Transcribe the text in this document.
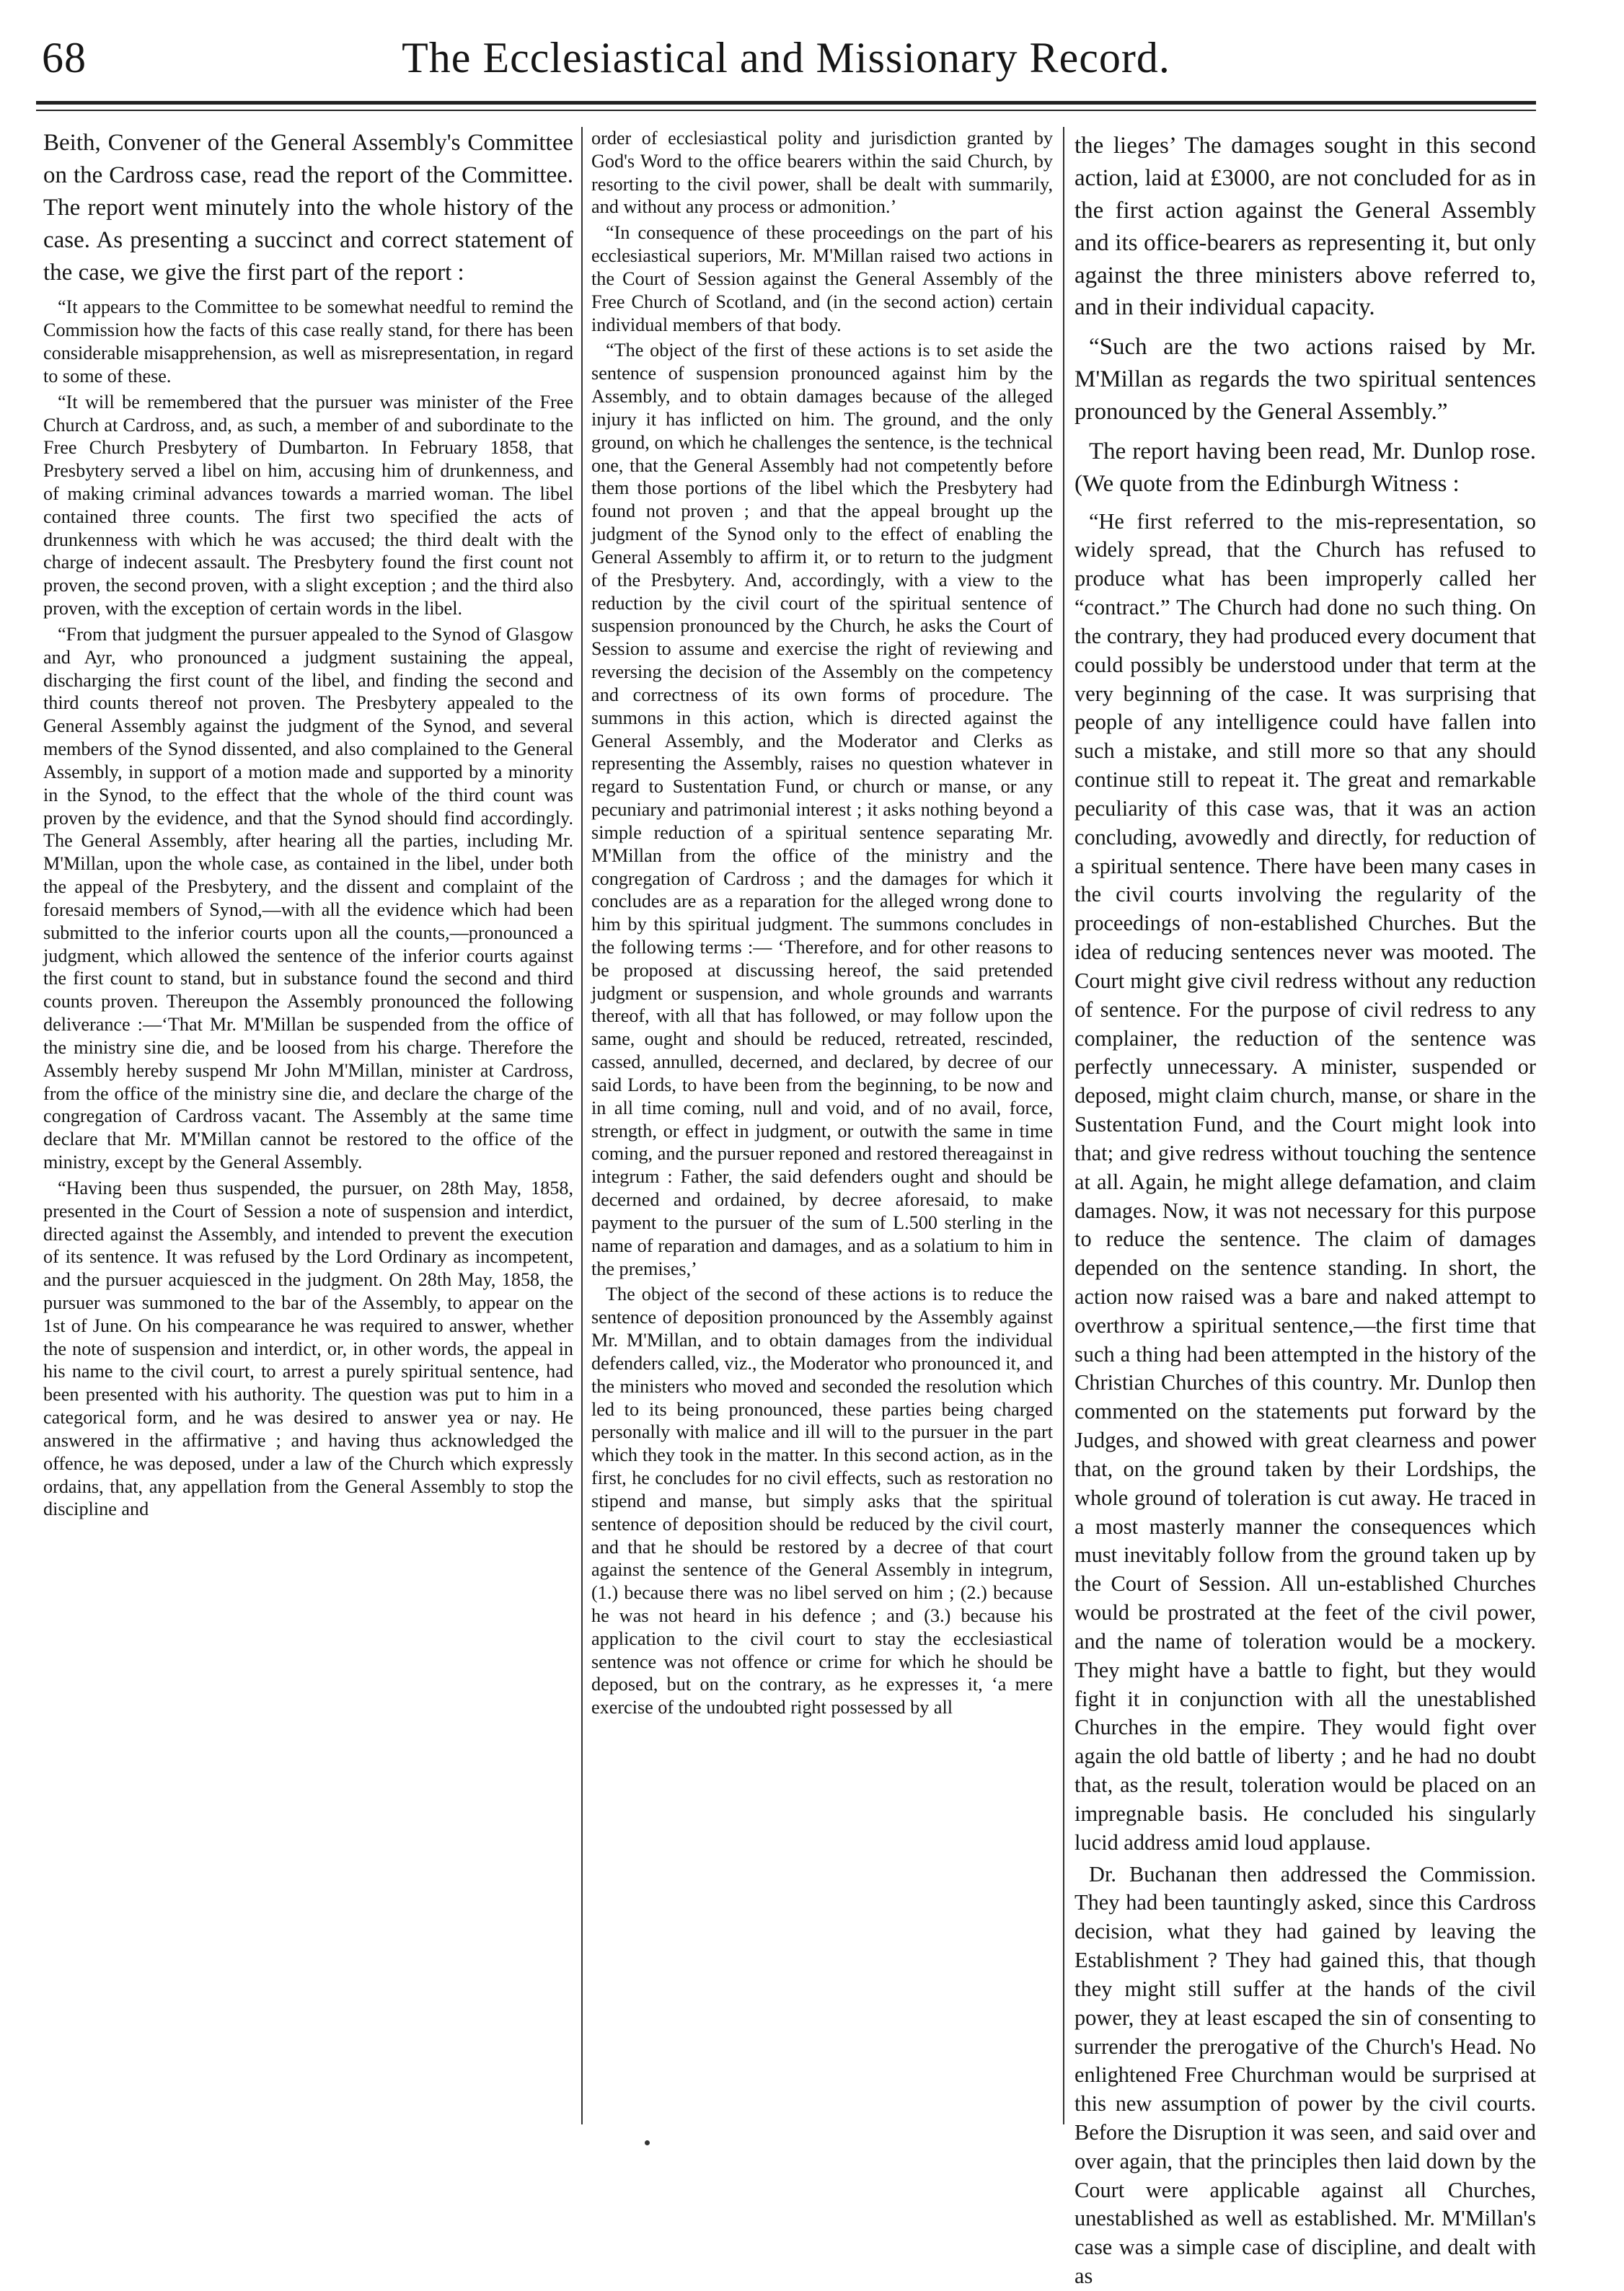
68	The Ecclesiastical and Missionary Record.

Beith, Convener of the General Assembly's Committee on the Cardross case, read the report of the Committee. The report went minutely into the whole history of the case. As presenting a succinct and correct statement of the case, we give the first part of the report :

“It appears to the Committee to be somewhat needful to remind the Commission how the facts of this case really stand, for there has been considerable misapprehension, as well as misrepresentation, in regard to some of these.

“It will be remembered that the pursuer was minister of the Free Church at Cardross, and, as such, a member of and subordinate to the Free Church Presbytery of Dumbarton. In February 1858, that Presbytery served a libel on him, accusing him of drunkenness, and of making criminal advances towards a married woman. The libel contained three counts. The first two specified the acts of drunkenness with which he was accused; the third dealt with the charge of indecent assault. The Presbytery found the first count not proven, the second proven, with a slight exception ; and the third also proven, with the exception of certain words in the libel.

“From that judgment the pursuer appealed to the Synod of Glasgow and Ayr, who pronounced a judgment sustaining the appeal, discharging the first count of the libel, and finding the second and third counts thereof not proven. The Presbytery appealed to the General Assembly against the judgment of the Synod, and several members of the Synod dissented, and also complained to the General Assembly, in support of a motion made and supported by a minority in the Synod, to the effect that the whole of the third count was proven by the evidence, and that the Synod should find accordingly. The General Assembly, after hearing all the parties, including Mr. M'Millan, upon the whole case, as contained in the libel, under both the appeal of the Presbytery, and the dissent and complaint of the foresaid members of Synod,—with all the evidence which had been submitted to the inferior courts upon all the counts,—pronounced a judgment, which allowed the sentence of the inferior courts against the first count to stand, but in substance found the second and third counts proven. Thereupon the Assembly pronounced the following deliverance :—‘That Mr. M'Millan be suspended from the office of the ministry sine die, and be loosed from his charge. Therefore the Assembly hereby suspend Mr John M'Millan, minister at Cardross, from the office of the ministry sine die, and declare the charge of the congregation of Cardross vacant. The Assembly at the same time declare that Mr. M'Millan cannot be restored to the office of the ministry, except by the General Assembly.

“Having been thus suspended, the pursuer, on 28th May, 1858, presented in the Court of Session a note of suspension and interdict, directed against the Assembly, and intended to prevent the execution of its sentence. It was refused by the Lord Ordinary as incompetent, and the pursuer acquiesced in the judgment. On 28th May, 1858, the pursuer was summoned to the bar of the Assembly, to appear on the 1st of June. On his compearance he was required to answer, whether the note of suspension and interdict, or, in other words, the appeal in his name to the civil court, to arrest a purely spiritual sentence, had been presented with his authority. The question was put to him in a categorical form, and he was desired to answer yea or nay. He answered in the affirmative ; and having thus acknowledged the offence, he was deposed, under a law of the Church which expressly ordains, that, any appellation from the General Assembly to stop the discipline and

order of ecclesiastical polity and jurisdiction granted by God's Word to the office bearers within the said Church, by resorting to the civil power, shall be dealt with summarily, and without any process or admonition.’

“In consequence of these proceedings on the part of his ecclesiastical superiors, Mr. M'Millan raised two actions in the Court of Session against the General Assembly of the Free Church of Scotland, and (in the second action) certain individual members of that body.

“The object of the first of these actions is to set aside the sentence of suspension pronounced against him by the Assembly, and to obtain damages because of the alleged injury it has inflicted on him. The ground, and the only ground, on which he challenges the sentence, is the technical one, that the General Assembly had not competently before them those portions of the libel which the Presbytery had found not proven ; and that the appeal brought up the judgment of the Synod only to the effect of enabling the General Assembly to affirm it, or to return to the judgment of the Presbytery. And, accordingly, with a view to the reduction by the civil court of the spiritual sentence of suspension pronounced by the Church, he asks the Court of Session to assume and exercise the right of reviewing and reversing the decision of the Assembly on the competency and correctness of its own forms of procedure. The summons in this action, which is directed against the General Assembly, and the Moderator and Clerks as representing the Assembly, raises no question whatever in regard to Sustentation Fund, or church or manse, or any pecuniary and patrimonial interest ; it asks nothing beyond a simple reduction of a spiritual sentence separating Mr. M'Millan from the office of the ministry and the congregation of Cardross ; and the damages for which it concludes are as a reparation for the alleged wrong done to him by this spiritual judgment. The summons concludes in the following terms :— ‘Therefore, and for other reasons to be proposed at discussing hereof, the said pretended judgment or suspension, and whole grounds and warrants thereof, with all that has followed, or may follow upon the same, ought and should be reduced, retreated, rescinded, cassed, annulled, decerned, and declared, by decree of our said Lords, to have been from the beginning, to be now and in all time coming, null and void, and of no avail, force, strength, or effect in judgment, or outwith the same in time coming, and the pursuer reponed and restored thereagainst in integrum : Father, the said defenders ought and should be decerned and ordained, by decree aforesaid, to make payment to the pursuer of the sum of L.500 sterling in the name of reparation and damages, and as a solatium to him in the premises,’

The object of the second of these actions is to reduce the sentence of deposition pronounced by the Assembly against Mr. M'Millan, and to obtain damages from the individual defenders called, viz., the Moderator who pronounced it, and the ministers who moved and seconded the resolution which led to its being pronounced, these parties being charged personally with malice and ill will to the pursuer in the part which they took in the matter. In this second action, as in the first, he concludes for no civil effects, such as restoration no stipend and manse, but simply asks that the spiritual sentence of deposition should be reduced by the civil court, and that he should be restored by a decree of that court against the sentence of the General Assembly in integrum, (1.) because there was no libel served on him ; (2.) because he was not heard in his defence ; and (3.) because his application to the civil court to stay the ecclesiastical sentence was not offence or crime for which he should be deposed, but on the contrary, as he expresses it, ‘a mere exercise of the undoubted right possessed by all

the lieges’ The damages sought in this second action, laid at £3000, are not concluded for as in the first action against the General Assembly and its office-bearers as representing it, but only against the three ministers above referred to, and in their individual capacity.

“Such are the two actions raised by Mr. M'Millan as regards the two spiritual sentences pronounced by the General Assembly.”

The report having been read, Mr. Dunlop rose. (We quote from the Edinburgh Witness :

“He first referred to the mis-representation, so widely spread, that the Church has refused to produce what has been improperly called her “contract.” The Church had done no such thing. On the contrary, they had produced every document that could possibly be understood under that term at the very beginning of the case. It was surprising that people of any intelligence could have fallen into such a mistake, and still more so that any should continue still to repeat it. The great and remarkable peculiarity of this case was, that it was an action concluding, avowedly and directly, for reduction of a spiritual sentence. There have been many cases in the civil courts involving the regularity of the proceedings of non-established Churches. But the idea of reducing sentences never was mooted. The Court might give civil redress without any reduction of sentence. For the purpose of civil redress to any complainer, the reduction of the sentence was perfectly unnecessary. A minister, suspended or deposed, might claim church, manse, or share in the Sustentation Fund, and the Court might look into that; and give redress without touching the sentence at all. Again, he might allege defamation, and claim damages. Now, it was not necessary for this purpose to reduce the sentence. The claim of damages depended on the sentence standing. In short, the action now raised was a bare and naked attempt to overthrow a spiritual sentence,—the first time that such a thing had been attempted in the history of the Christian Churches of this country. Mr. Dunlop then commented on the statements put forward by the Judges, and showed with great clearness and power that, on the ground taken by their Lordships, the whole ground of toleration is cut away. He traced in a most masterly manner the consequences which must inevitably follow from the ground taken up by the Court of Session. All un-established Churches would be prostrated at the feet of the civil power, and the name of toleration would be a mockery. They might have a battle to fight, but they would fight it in conjunction with all the unestablished Churches in the empire. They would fight over again the old battle of liberty ; and he had no doubt that, as the result, toleration would be placed on an impregnable basis. He concluded his singularly lucid address amid loud applause.

Dr. Buchanan then addressed the Commission. They had been tauntingly asked, since this Cardross decision, what they had gained by leaving the Establishment ? They had gained this, that though they might still suffer at the hands of the civil power, they at least escaped the sin of consenting to surrender the prerogative of the Church's Head. No enlightened Free Churchman would be surprised at this new assumption of power by the civil courts. Before the Disruption it was seen, and said over and over again, that the principles then laid down by the Court were applicable against all Churches, unestablished as well as established. Mr. M'Millan's case was a simple case of discipline, and dealt with as
